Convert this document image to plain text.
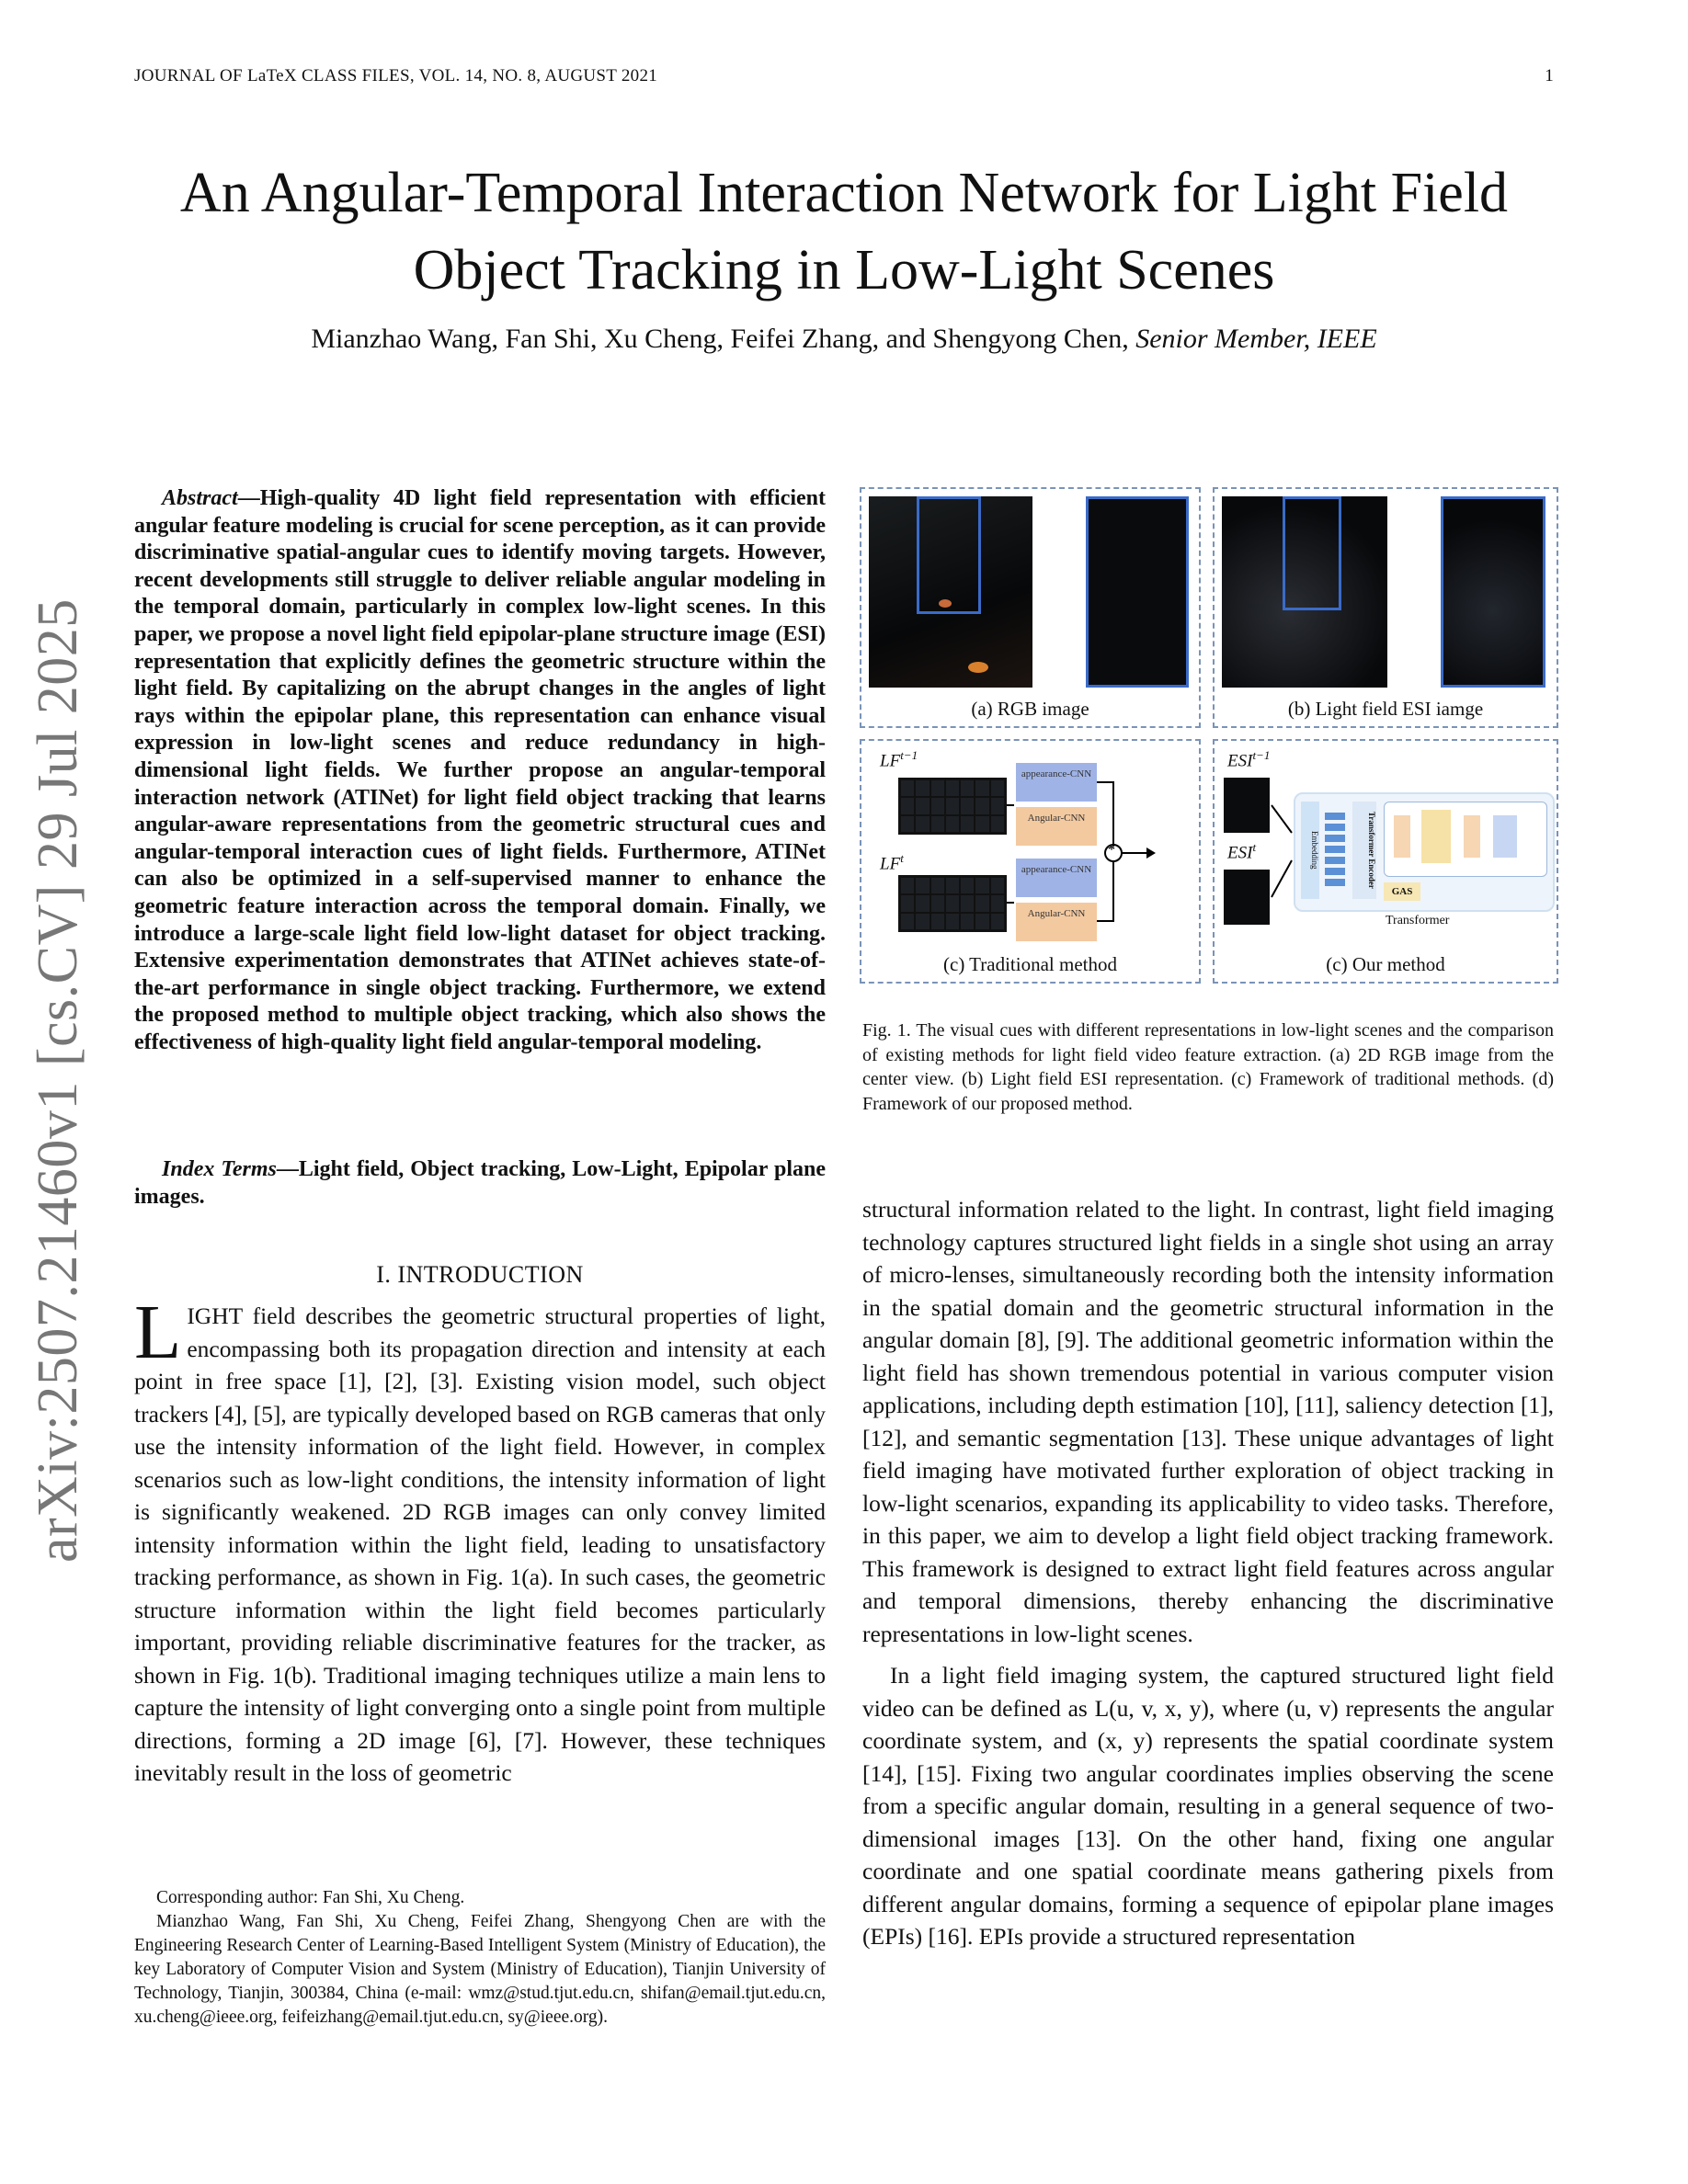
JOURNAL OF LaTeX CLASS FILES, VOL. 14, NO. 8, AUGUST 2021	1
An Angular-Temporal Interaction Network for Light Field Object Tracking in Low-Light Scenes
Mianzhao Wang, Fan Shi, Xu Cheng, Feifei Zhang, and Shengyong Chen, Senior Member, IEEE
arXiv:2507.21460v1 [cs.CV] 29 Jul 2025
Abstract—High-quality 4D light field representation with efficient angular feature modeling is crucial for scene perception, as it can provide discriminative spatial-angular cues to identify moving targets. However, recent developments still struggle to deliver reliable angular modeling in the temporal domain, particularly in complex low-light scenes. In this paper, we propose a novel light field epipolar-plane structure image (ESI) representation that explicitly defines the geometric structure within the light field. By capitalizing on the abrupt changes in the angles of light rays within the epipolar plane, this representation can enhance visual expression in low-light scenes and reduce redundancy in high-dimensional light fields. We further propose an angular-temporal interaction network (ATINet) for light field object tracking that learns angular-aware representations from the geometric structural cues and angular-temporal interaction cues of light fields. Furthermore, ATINet can also be optimized in a self-supervised manner to enhance the geometric feature interaction across the temporal domain. Finally, we introduce a large-scale light field low-light dataset for object tracking. Extensive experimentation demonstrates that ATINet achieves state-of-the-art performance in single object tracking. Furthermore, we extend the proposed method to multiple object tracking, which also shows the effectiveness of high-quality light field angular-temporal modeling.
Index Terms—Light field, Object tracking, Low-Light, Epipolar plane images.
I. INTRODUCTION
LIGHT field describes the geometric structural properties of light, encompassing both its propagation direction and intensity at each point in free space [1], [2], [3]. Existing vision model, such object trackers [4], [5], are typically developed based on RGB cameras that only use the intensity information of the light field. However, in complex scenarios such as low-light conditions, the intensity information of light is significantly weakened. 2D RGB images can only convey limited intensity information within the light field, leading to unsatisfactory tracking performance, as shown in Fig. 1(a). In such cases, the geometric structure information within the light field becomes particularly important, providing reliable discriminative features for the tracker, as shown in Fig. 1(b). Traditional imaging techniques utilize a main lens to capture the intensity of light converging onto a single point from multiple directions, forming a 2D image [6], [7]. However, these techniques inevitably result in the loss of geometric

Corresponding author: Fan Shi, Xu Cheng.

Mianzhao Wang, Fan Shi, Xu Cheng, Feifei Zhang, Shengyong Chen are with the Engineering Research Center of Learning-Based Intelligent System (Ministry of Education), the key Laboratory of Computer Vision and System (Ministry of Education), Tianjin University of Technology, Tianjin, 300384, China (e-mail: wmz@stud.tjut.edu.cn, shifan@email.tjut.edu.cn, xu.cheng@ieee.org, feifeizhang@email.tjut.edu.cn, sy@ieee.org).

(a) RGB image	(b) Light field ESI iamge
$LF^{t-1}$
$LF^t$
appearance-CNN
Angular-CNN
appearance-CNN
Angular-CNN
*
(c) Traditional method
$ESI^{t-1}$
ESI$^t$	Embedding	Transformer Encoder
GAS
Transformer
(c) Our method
Fig. 1. The visual cues with different representations in low-light scenes and the comparison of existing methods for light field video feature extraction. (a) 2D RGB image from the center view. (b) Light field ESI representation. (c) Framework of traditional methods. (d) Framework of our proposed method.

structural information related to the light. In contrast, light field imaging technology captures structured light fields in a single shot using an array of micro-lenses, simultaneously recording both the intensity information in the spatial domain and the geometric structural information in the angular domain [8], [9]. The additional geometric information within the light field has shown tremendous potential in various computer vision applications, including depth estimation [10], [11], saliency detection [1], [12], and semantic segmentation [13]. These unique advantages of light field imaging have motivated further exploration of object tracking in low-light scenarios, expanding its applicability to video tasks. Therefore, in this paper, we aim to develop a light field object tracking framework. This framework is designed to extract light field features across angular and temporal dimensions, thereby enhancing the discriminative representations in low-light scenes.

In a light field imaging system, the captured structured light field video can be defined as L(u, v, x, y), where (u, v) represents the angular coordinate system, and (x, y) represents the spatial coordinate system [14], [15]. Fixing two angular coordinates implies observing the scene from a specific angular domain, resulting in a general sequence of two-dimensional images [13]. On the other hand, fixing one angular coordinate and one spatial coordinate means gathering pixels from different angular domains, forming a sequence of epipolar plane images (EPIs) [16]. EPIs provide a structured representation
